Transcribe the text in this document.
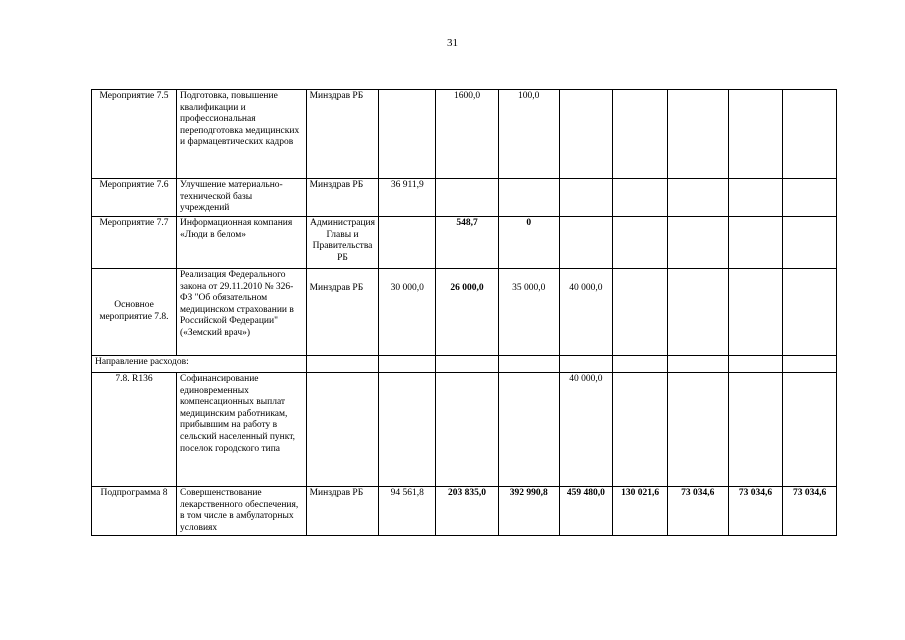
31
Мероприятие 7.5	Подготовка, повышение квалификации и профессиональная переподготовка медицинских и фармацевтических кадров	Минздрав РБ		1600,0	100,0					
Мероприятие 7.6	Улучшение материально-технической базы учреждений	Минздрав РБ	36 911,9							
Мероприятие 7.7	Информационная компания «Люди в белом»	Администрация Главы и Правительства РБ		548,7	0					
Основное мероприятие 7.8.	Реализация Федерального закона от 29.11.2010 № 326-ФЗ "Об обязательном медицинском страховании в Российской Федерации" («Земский врач»)	Минздрав РБ	30 000,0	26 000,0	35 000,0	40 000,0				
Направление расходов:										
7.8. R136	Софинансирование единовременных компенсационных выплат медицинским работникам, прибывшим на работу в сельский населенный пункт, поселок городского типа					40 000,0				
Подпрограмма 8	Совершенствование лекарственного обеспечения, в том числе в амбулаторных условиях	Минздрав РБ	94 561,8	203 835,0	392 990,8	459 480,0	130 021,6	73 034,6	73 034,6	73 034,6
